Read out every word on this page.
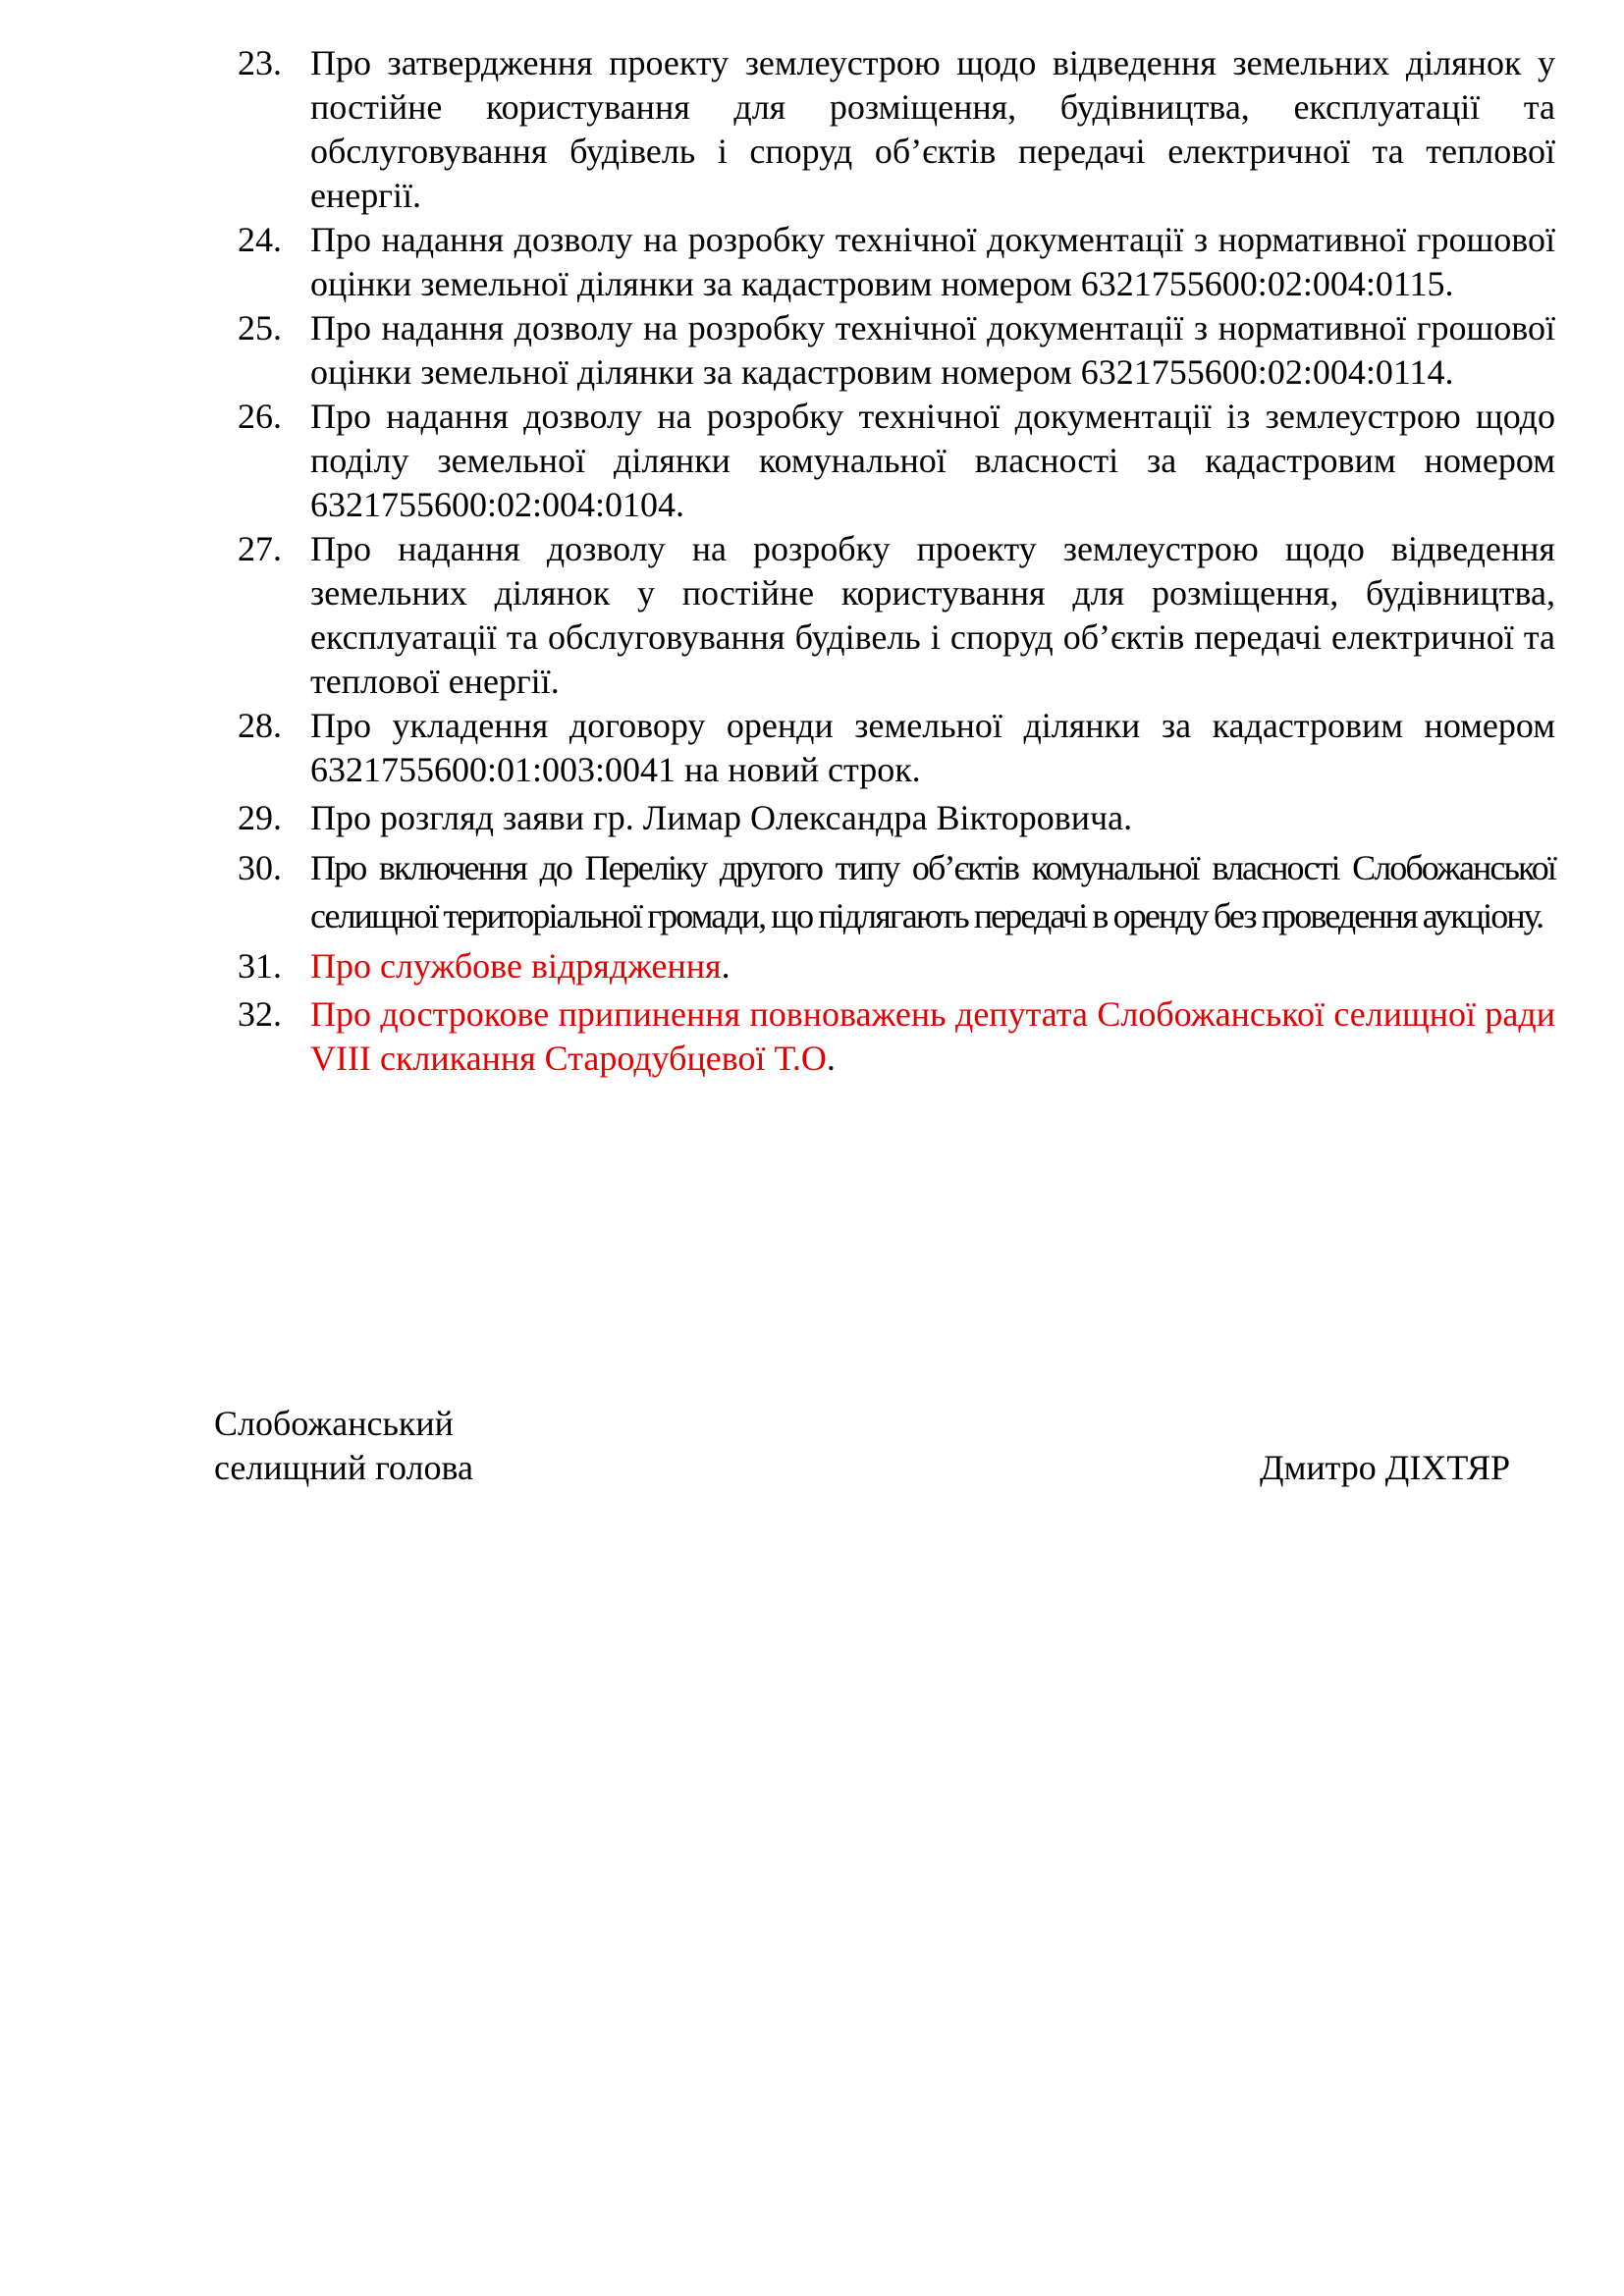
23. Про затвердження проекту землеустрою щодо відведення земельних ділянок у постійне користування для розміщення, будівництва, експлуатації та обслуговування будівель і споруд об’єктів передачі електричної та теплової енергії.
24. Про надання дозволу на розробку технічної документації з нормативної грошової оцінки земельної ділянки за кадастровим номером 6321755600:02:004:0115.
25. Про надання дозволу на розробку технічної документації з нормативної грошової оцінки земельної ділянки за кадастровим номером 6321755600:02:004:0114.
26. Про надання дозволу на розробку технічної документації із землеустрою щодо поділу земельної ділянки комунальної власності за кадастровим номером 6321755600:02:004:0104.
27. Про надання дозволу на розробку проекту землеустрою щодо відведення земельних ділянок у постійне користування для розміщення, будівництва, експлуатації та обслуговування будівель і споруд об’єктів передачі електричної та теплової енергії.
28. Про укладення договору оренди земельної ділянки за кадастровим номером 6321755600:01:003:0041 на новий строк.
29. Про розгляд заяви гр. Лимар Олександра Вікторовича.
30. Про включення до Переліку другого типу об’єктів комунальної власності Слобожанської селищної територіальної громади, що підлягають передачі в оренду без проведення аукціону.
31. Про службове відрядження.
32. Про дострокове припинення повноважень депутата Слобожанської селищної ради VIII скликання Стародубцевої Т.О.
Слобожанський
селищний голова	Дмитро ДІХТЯР
